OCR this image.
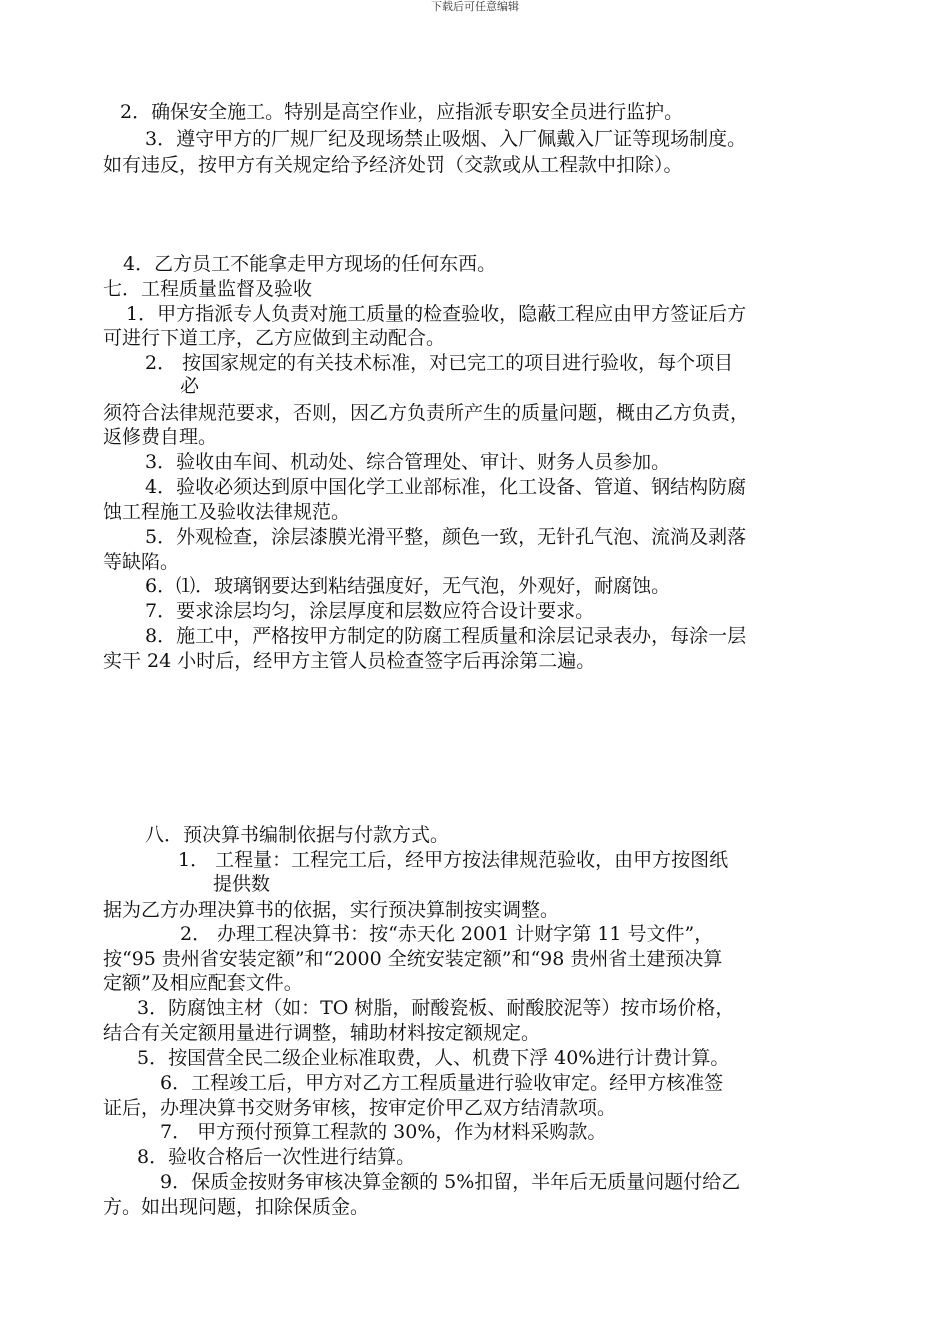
下载后可任意编辑
2．确保安全施工。特别是高空作业，应指派专职安全员进行监护。
3．遵守甲方的厂规厂纪及现场禁止吸烟、入厂佩戴入厂证等现场制度。
如有违反，按甲方有关规定给予经济处罚（交款或从工程款中扣除）。
4．乙方员工不能拿走甲方现场的任何东西。
七．工程质量监督及验收
1．甲方指派专人负责对施工质量的检查验收，隐蔽工程应由甲方签证后方
可进行下道工序，乙方应做到主动配合。
2． 按国家规定的有关技术标准，对已完工的项目进行验收，每个项目
必
须符合法律规范要求，否则，因乙方负责所产生的质量问题，概由乙方负责，
返修费自理。
3．验收由车间、机动处、综合管理处、审计、财务人员参加。
4．验收必须达到原中国化学工业部标准，化工设备、管道、钢结构防腐
蚀工程施工及验收法律规范。
5．外观检查，涂层漆膜光滑平整，颜色一致，无针孔气泡、流淌及剥落
等缺陷。
6．⑴．玻璃钢要达到粘结强度好，无气泡，外观好，耐腐蚀。
7．要求涂层均匀，涂层厚度和层数应符合设计要求。
8．施工中，严格按甲方制定的防腐工程质量和涂层记录表办，每涂一层
实干 24 小时后，经甲方主管人员检查签字后再涂第二遍。
八．预决算书编制依据与付款方式。
1． 工程量：工程完工后，经甲方按法律规范验收，由甲方按图纸
提供数
据为乙方办理决算书的依据，实行预决算制按实调整。
2． 办理工程决算书：按“赤天化 2001 计财字第 11 号文件”，
按“95 贵州省安装定额”和“2000 全统安装定额”和“98 贵州省土建预决算
定额”及相应配套文件。
3．防腐蚀主材（如：TO 树脂，耐酸瓷板、耐酸胶泥等）按市场价格，
结合有关定额用量进行调整，辅助材料按定额规定。
5．按国营全民二级企业标准取费，人、机费下浮 40%进行计费计算。
6．工程竣工后，甲方对乙方工程质量进行验收审定。经甲方核准签
证后，办理决算书交财务审核，按审定价甲乙双方结清款项。
7． 甲方预付预算工程款的 30%，作为材料采购款。
8．验收合格后一次性进行结算。
9．保质金按财务审核决算金额的 5%扣留，半年后无质量问题付给乙
方。如出现问题，扣除保质金。
